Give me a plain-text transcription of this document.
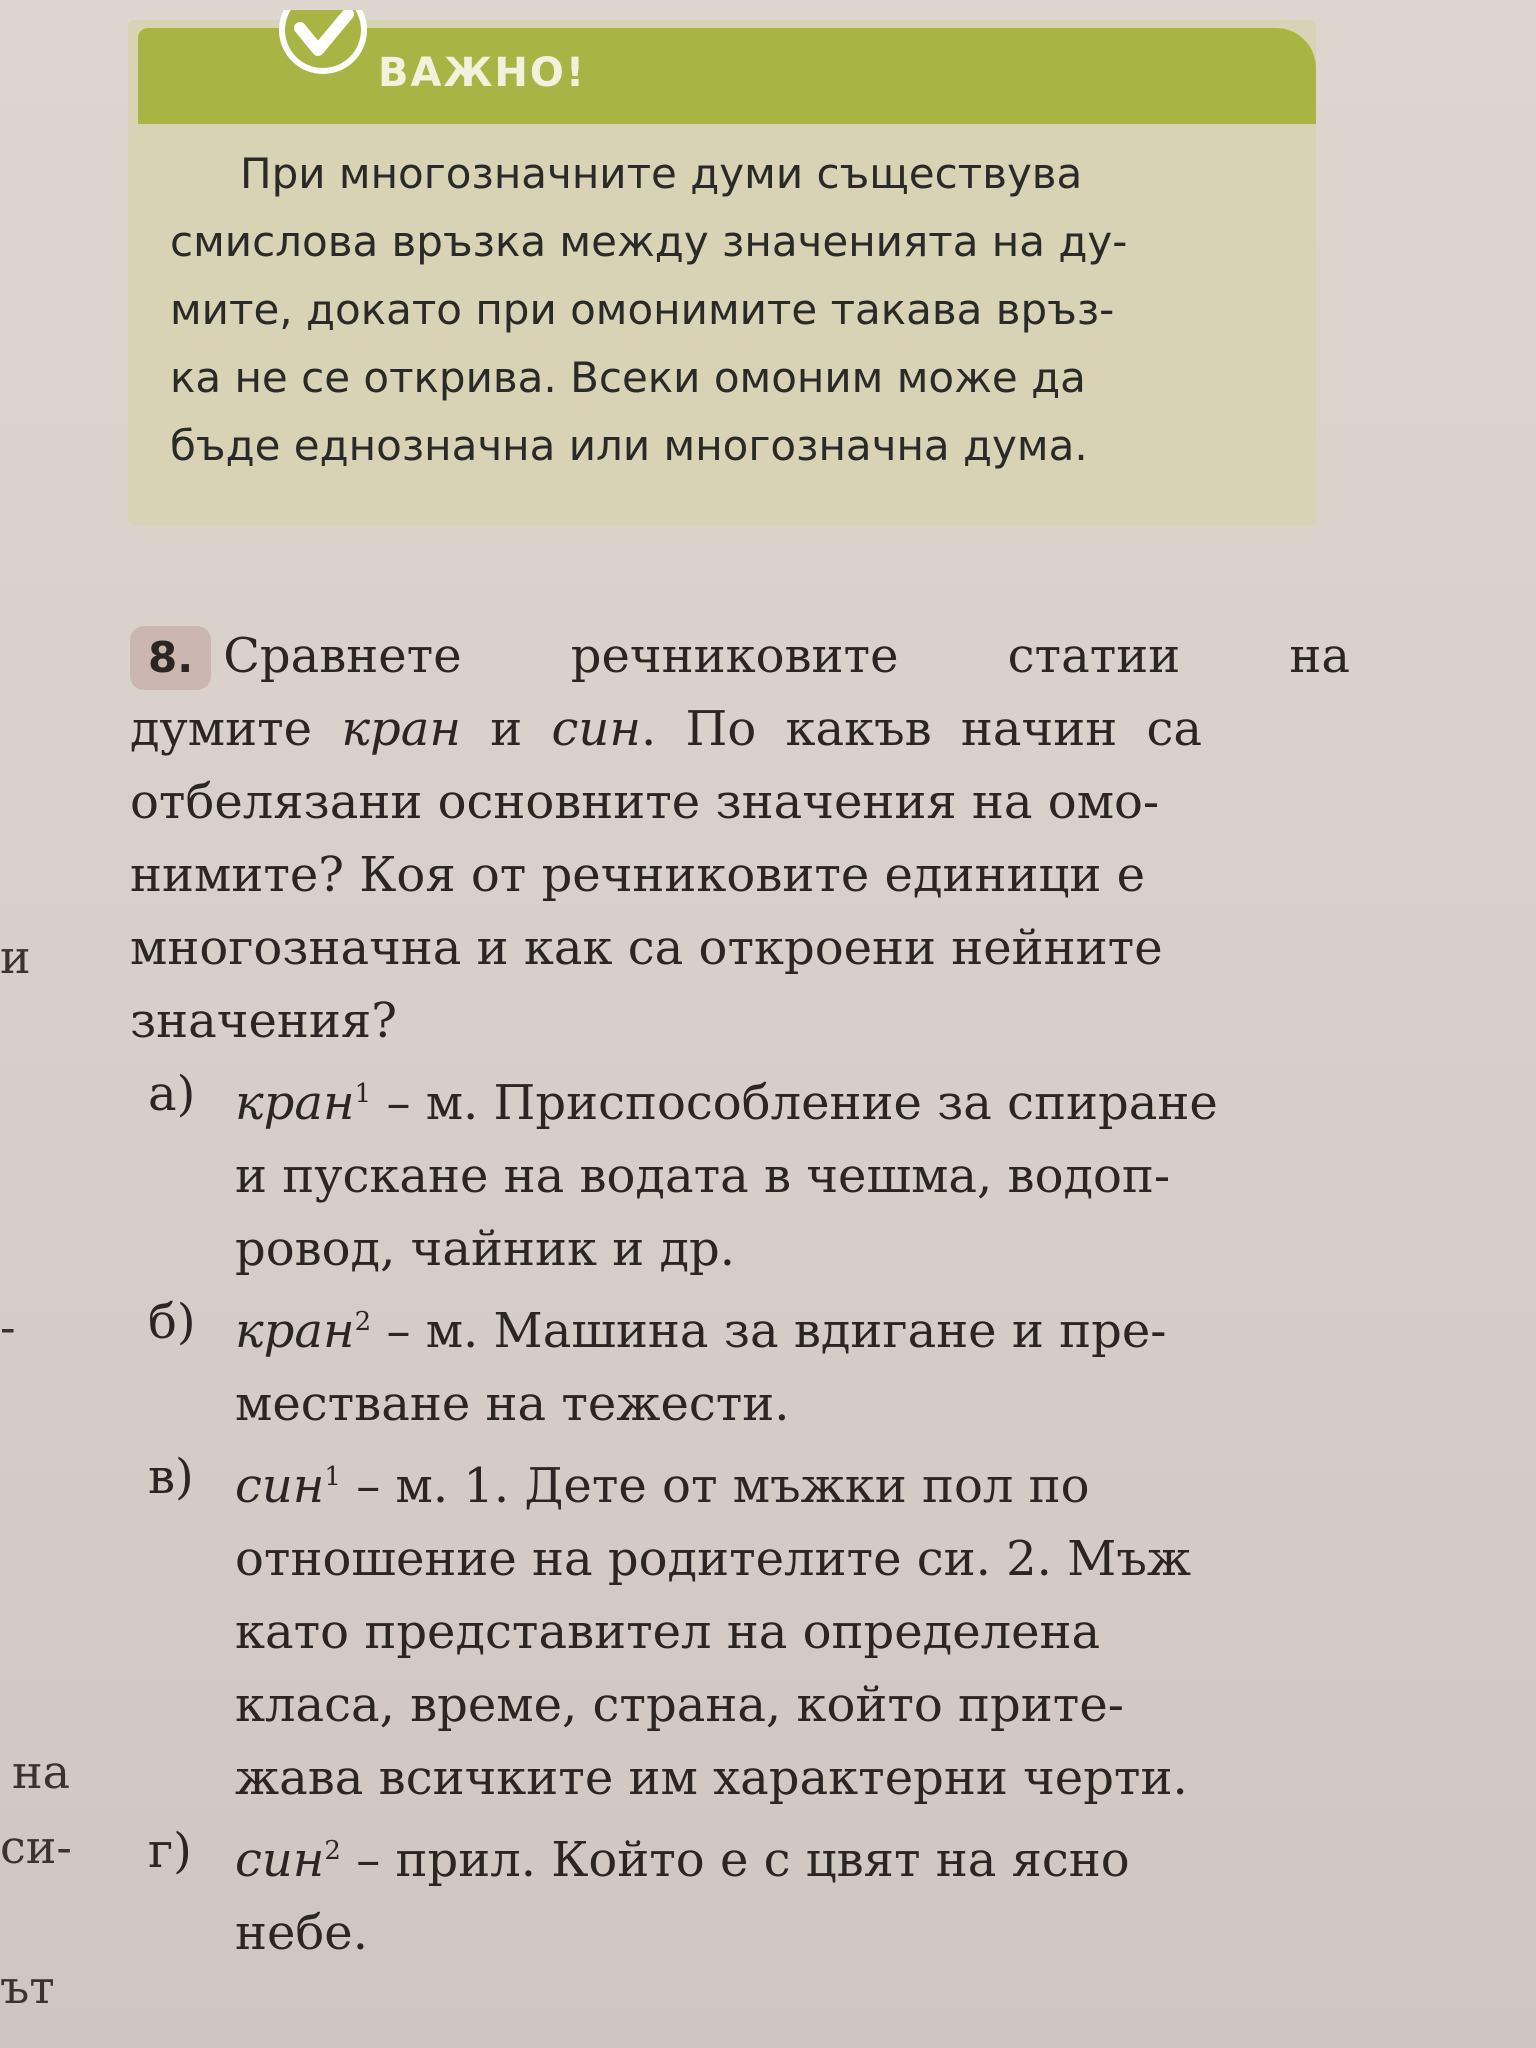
ВАЖНО!
При многозначните думи съществува
смислова връзка между значенията на ду-
мите, докато при омонимите такава връз-
ка не се открива. Всеки омоним може да
бъде еднозначна или многозначна дума.
8. Сравнете речниковите статии на
думите кран и син. По какъв начин са
отбелязани основните значения на омо-
нимите? Коя от речниковите единици е
многозначна и как са откроени нейните
значения?
а) кран$^1$ – м. Приспособление за спиране
и пускане на водата в чешма, водоп-
ровод, чайник и др.
б) кран$^2$ – м. Машина за вдигане и пре-
местване на тежести.
в) син$^1$ – м. 1. Дете от мъжки пол по
отношение на родителите си. 2. Мъж
като представител на определена
класа, време, страна, който прите-
жава всичките им характерни черти.
г) син$^2$ – прил. Който е с цвят на ясно
небе.
и
-
на
си-
ът
